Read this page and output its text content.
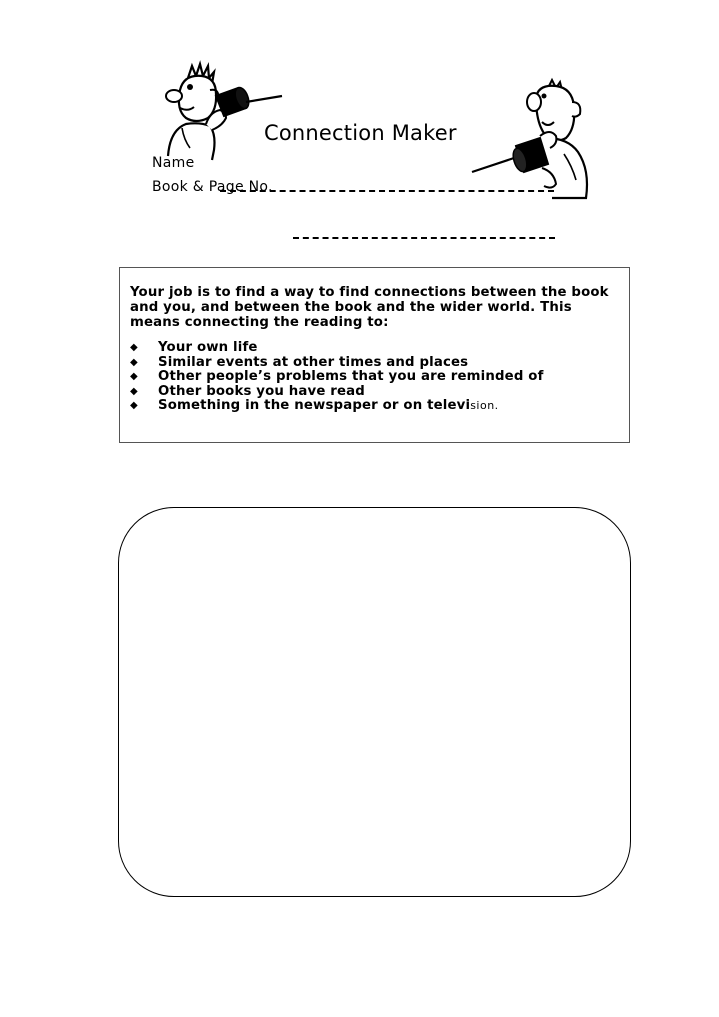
Connection Maker
Name
Book & Page No.

Your job is to find a way to find connections between the book and you, and between the book and the wider world. This means connecting the reading to:

◆ Your own life
◆ Similar events at other times and places
◆ Other people’s problems that you are reminded of
◆ Other books you have read
◆ Something in the newspaper or on television.
